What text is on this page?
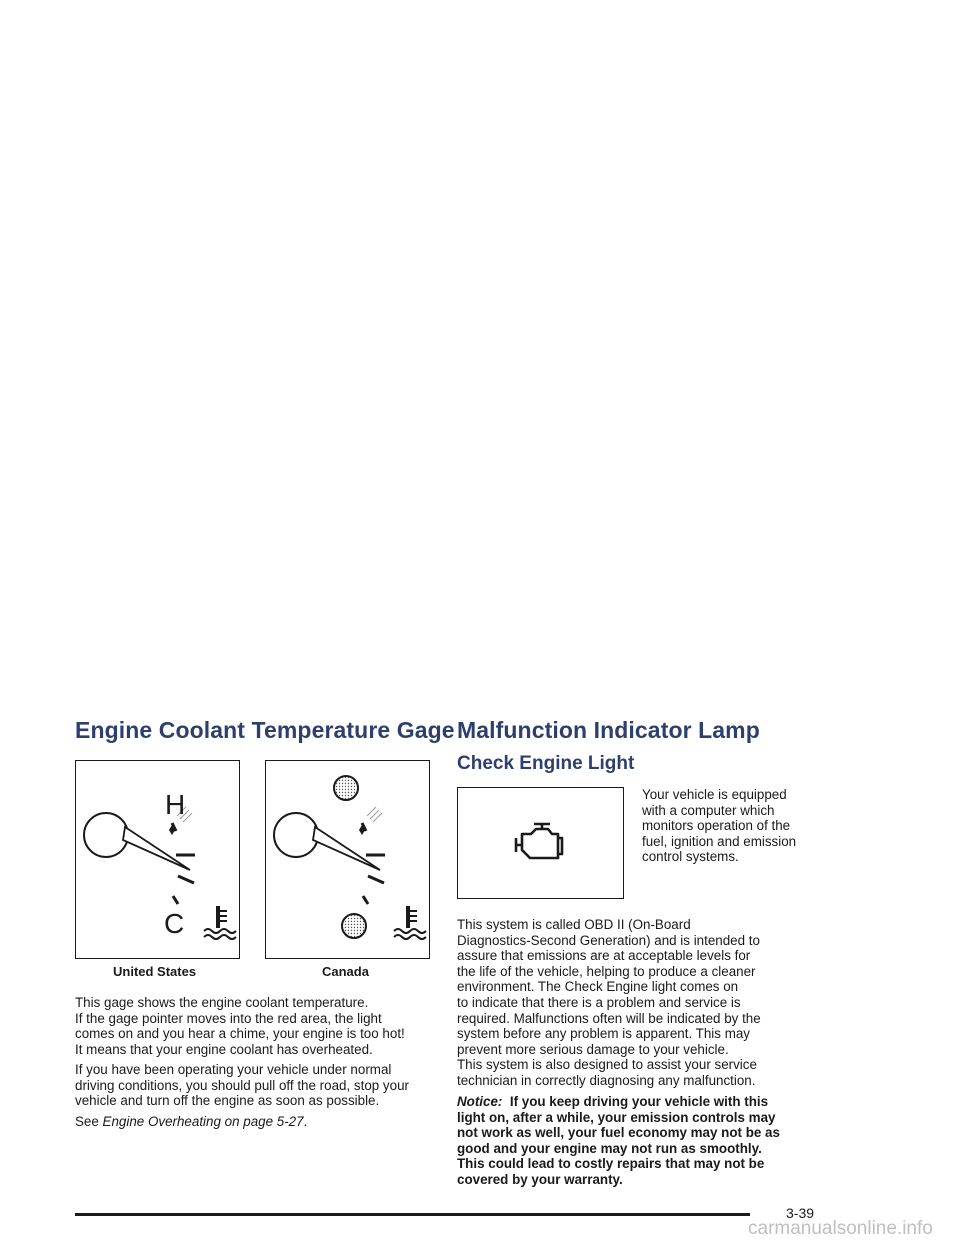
Engine Coolant Temperature Gage
H
C
United States	Canada
This gage shows the engine coolant temperature.
If the gage pointer moves into the red area, the light
comes on and you hear a chime, your engine is too hot!
It means that your engine coolant has overheated.
If you have been operating your vehicle under normal
driving conditions, you should pull off the road, stop your
vehicle and turn off the engine as soon as possible.
See Engine Overheating on page 5-27.
Malfunction Indicator Lamp
Check Engine Light
Your vehicle is equipped
with a computer which
monitors operation of the
fuel, ignition and emission
control systems.
This system is called OBD II (On-Board
Diagnostics-Second Generation) and is intended to
assure that emissions are at acceptable levels for
the life of the vehicle, helping to produce a cleaner
environment. The Check Engine light comes on
to indicate that there is a problem and service is
required. Malfunctions often will be indicated by the
system before any problem is apparent. This may
prevent more serious damage to your vehicle.
This system is also designed to assist your service
technician in correctly diagnosing any malfunction.
Notice: If you keep driving your vehicle with this
light on, after a while, your emission controls may
not work as well, your fuel economy may not be as
good and your engine may not run as smoothly.
This could lead to costly repairs that may not be
covered by your warranty.
3-39
carmanualsonline.info
